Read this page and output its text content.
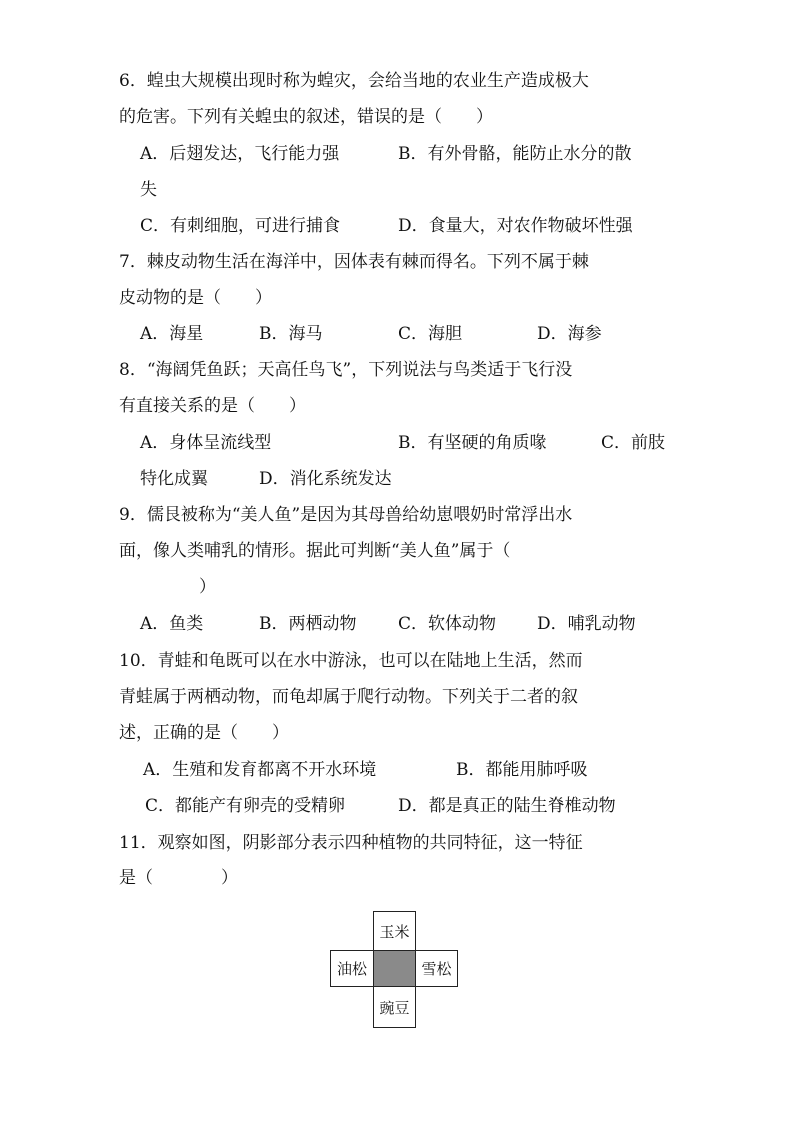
6．蝗虫大规模出现时称为蝗灾，会给当地的农业生产造成极大
的危害。下列有关蝗虫的叙述，错误的是（　　）
A．后翅发达，飞行能力强	B．有外骨骼，能防止水分的散
失
C．有刺细胞，可进行捕食	D．食量大，对农作物破坏性强
7．棘皮动物生活在海洋中，因体表有棘而得名。下列不属于棘
皮动物的是（　　）
A．海星	B．海马	C．海胆	D．海参
8．“海阔凭鱼跃；天高任鸟飞”，下列说法与鸟类适于飞行没
有直接关系的是（　　）
A．身体呈流线型	B．有坚硬的角质喙	C．前肢
特化成翼	D．消化系统发达
9．儒艮被称为“美人鱼”是因为其母兽给幼崽喂奶时常浮出水
面，像人类哺乳的情形。据此可判断“美人鱼”属于（
）
A．鱼类	B．两栖动物 C．软体动物 D．哺乳动物
10．青蛙和龟既可以在水中游泳，也可以在陆地上生活，然而
青蛙属于两栖动物，而龟却属于爬行动物。下列关于二者的叙
述，正确的是（　　）
A．生殖和发育都离不开水环境	B．都能用肺呼吸
C．都能产有卵壳的受精卵	D．都是真正的陆生脊椎动物
11．观察如图，阴影部分表示四种植物的共同特征，这一特征
是（　　　　）
玉米
油松	雪松
豌豆
